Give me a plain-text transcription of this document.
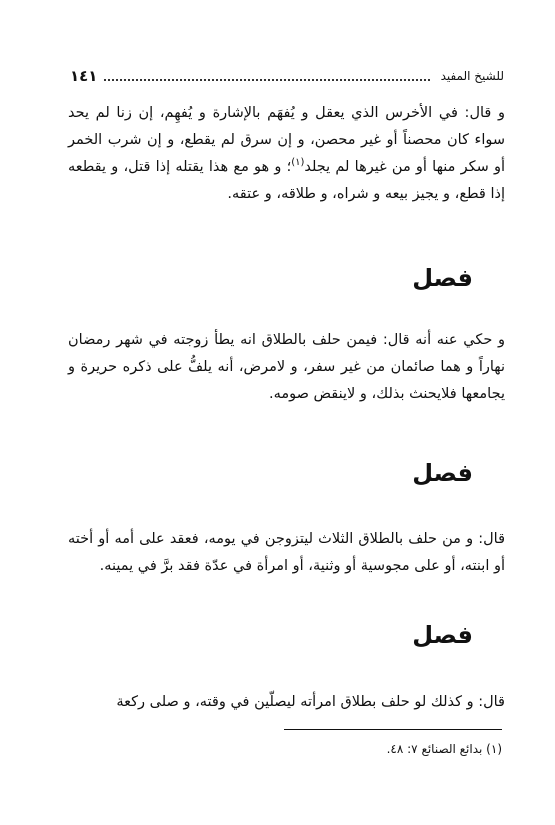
١٤١	للشيخ المفيد

و قال: في الأخرس الذي يعقل و يُفهَم بالإشارة و يُفهِم، إن زنا لم يحد سواء كان محصناً أو غير محصن، و إن سرق لم يقطع، و إن شرب الخمر أو سكر منها أو من غيرها لم يجلد$^{(١)}$؛ و هو مع هذا يقتله إذا قتل، و يقطعه إذا قطع، و يجيز بيعه و شراه، و طلاقه، و عتقه.

فصل

و حكي عنه أنه قال: فيمن حلف بالطلاق انه يطأ زوجته في شهر رمضان نهاراً و هما صائمان من غير سفر، و لامرض، أنه يلفُّ على ذكره حريرة و يجامعها فلايحنث بذلك، و لاينقض صومه.

فصل

قال: و من حلف بالطلاق الثلاث ليتزوجن في يومه، فعقد على أمه أو أخته أو ابنته، أو على مجوسية أو وثنية، أو امرأة في عدّة فقد برَّ في يمينه.

فصل

قال: و كذلك لو حلف بطلاق امرأته ليصلّين في وقته، و صلى ركعة

(١) بدائع الصنائع ٧: ٤٨.
